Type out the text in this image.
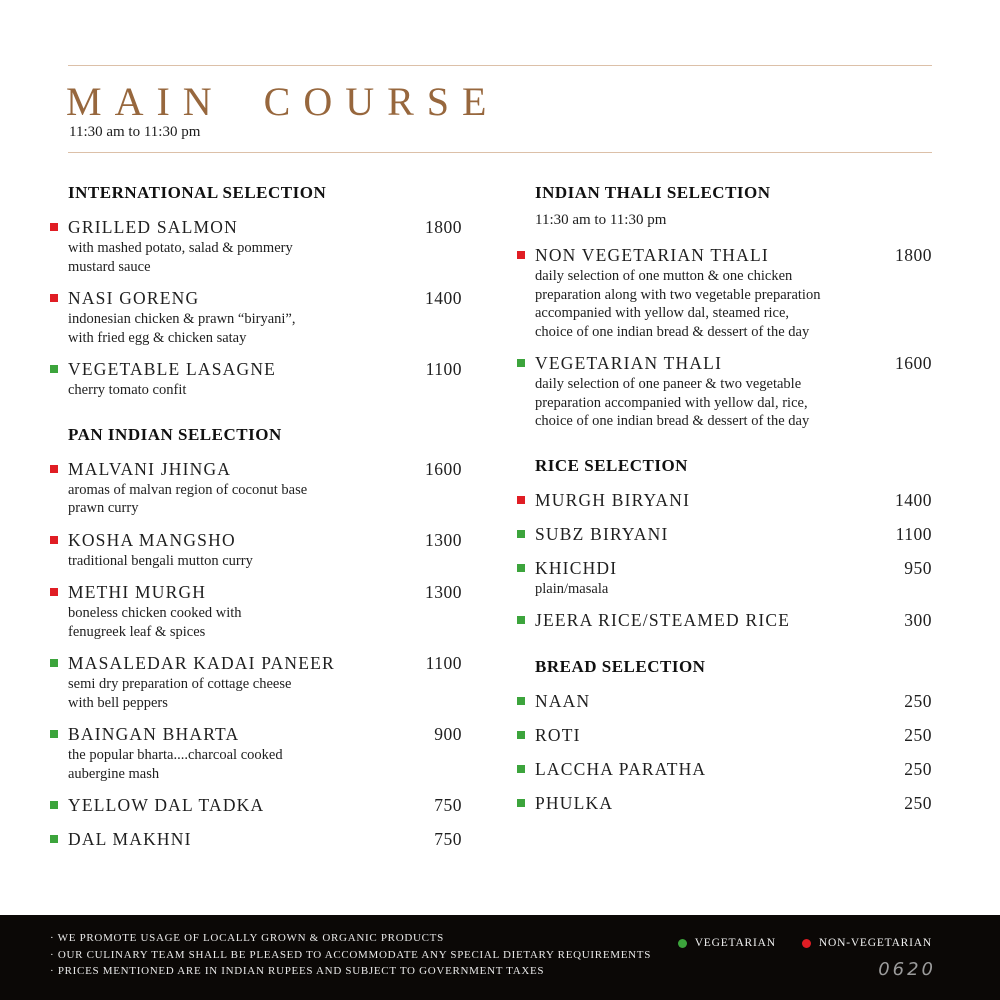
MAIN COURSE
11:30 am to 11:30 pm
INTERNATIONAL SELECTION
GRILLED SALMON	1800
with mashed potato, salad & pommery
mustard sauce
NASI GORENG	1400
indonesian chicken & prawn “biryani”,
with fried egg & chicken satay
VEGETABLE LASAGNE	1100
cherry tomato confit
PAN INDIAN SELECTION
MALVANI JHINGA	1600
aromas of malvan region of coconut base
prawn curry
KOSHA MANGSHO	1300
traditional bengali mutton curry
METHI MURGH	1300
boneless chicken cooked with
fenugreek leaf & spices
MASALEDAR KADAI PANEER	1100
semi dry preparation of cottage cheese
with bell peppers
BAINGAN BHARTA	900
the popular bharta....charcoal cooked
aubergine mash
YELLOW DAL TADKA	750
DAL MAKHNI	750
INDIAN THALI SELECTION
11:30 am to 11:30 pm
NON VEGETARIAN THALI	1800
daily selection of one mutton & one chicken
preparation along with two vegetable preparation
accompanied with yellow dal, steamed rice,
choice of one indian bread & dessert of the day
VEGETARIAN THALI	1600
daily selection of one paneer & two vegetable
preparation accompanied with yellow dal, rice,
choice of one indian bread & dessert of the day
RICE SELECTION
MURGH BIRYANI	1400
SUBZ BIRYANI	1100
KHICHDI	950
plain/masala
JEERA RICE/STEAMED RICE	300
BREAD SELECTION
NAAN	250
ROTI	250
LACCHA PARATHA	250
PHULKA	250
· WE PROMOTE USAGE OF LOCALLY GROWN & ORGANIC PRODUCTS
· OUR CULINARY TEAM SHALL BE PLEASED TO ACCOMMODATE ANY SPECIAL DIETARY REQUIREMENTS
· PRICES MENTIONED ARE IN INDIAN RUPEES AND SUBJECT TO GOVERNMENT TAXES
VEGETARIAN	NON-VEGETARIAN
0620
